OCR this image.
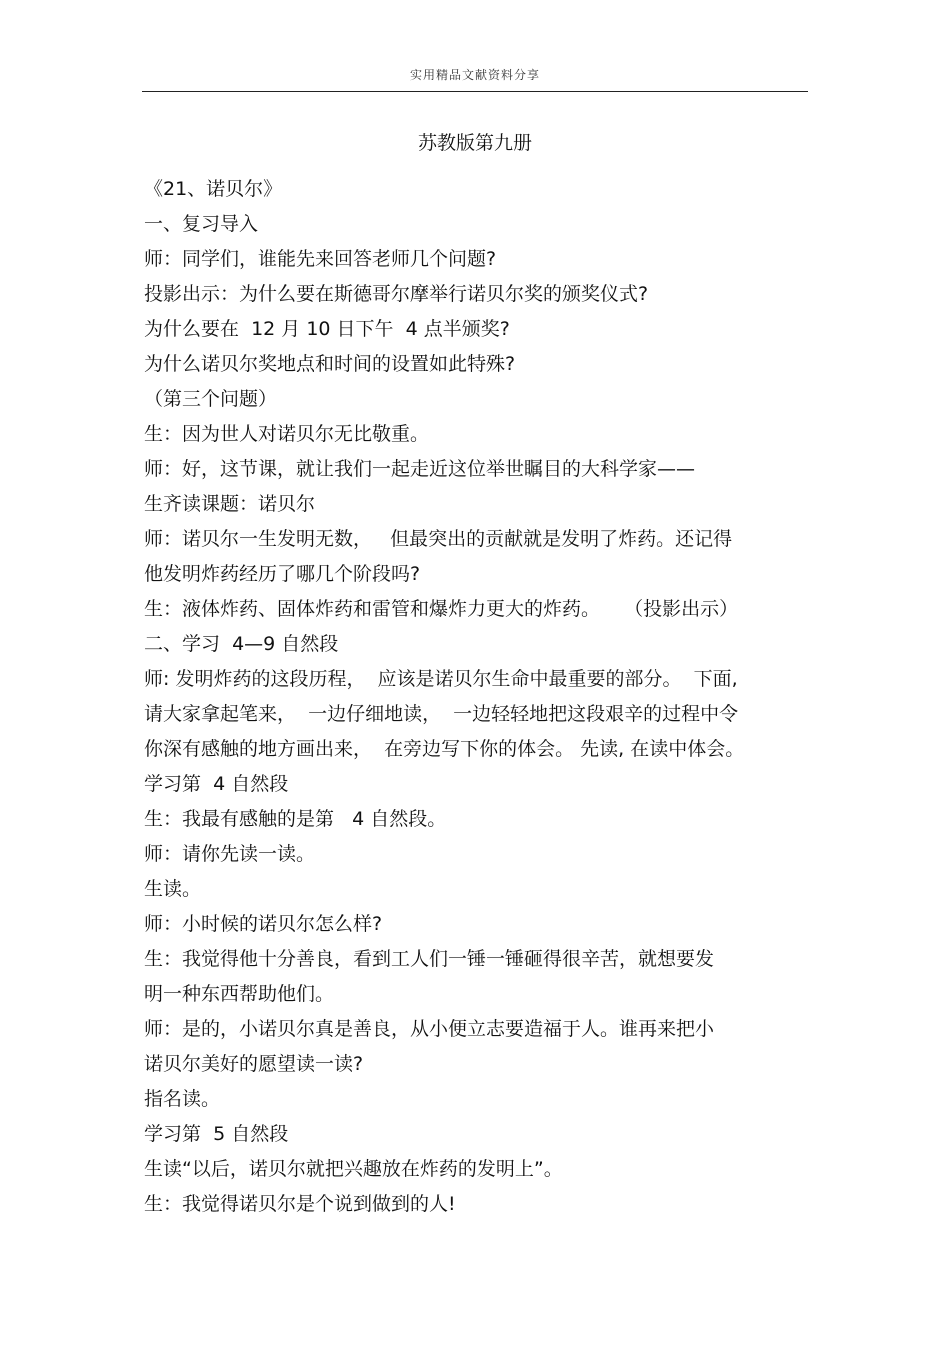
实用精品文献资料分享
苏教版第九册
《21、诺贝尔》
一、复习导入
师：同学们，谁能先来回答老师几个问题?
投影出示：为什么要在斯德哥尔摩举行诺贝尔奖的颁奖仪式?
为什么要在  12 月 10 日下午  4 点半颁奖?
为什么诺贝尔奖地点和时间的设置如此特殊?
（第三个问题）
生：因为世人对诺贝尔无比敬重。
师：好，这节课，就让我们一起走近这位举世瞩目的大科学家——
生齐读课题：诺贝尔
师：诺贝尔一生发明无数，   但最突出的贡献就是发明了炸药。还记得
他发明炸药经历了哪几个阶段吗?
生：液体炸药、固体炸药和雷管和爆炸力更大的炸药。    （投影出示）
二、学习  4—9 自然段
师: 发明炸药的这段历程，  应该是诺贝尔生命中最重要的部分。  下面,
请大家拿起笔来，  一边仔细地读，  一边轻轻地把这段艰辛的过程中令
你深有感触的地方画出来，  在旁边写下你的体会。 先读, 在读中体会。
学习第  4 自然段
生：我最有感触的是第   4 自然段。
师：请你先读一读。
生读。
师：小时候的诺贝尔怎么样?
生：我觉得他十分善良，看到工人们一锤一锤砸得很辛苦，就想要发
明一种东西帮助他们。
师：是的，小诺贝尔真是善良，从小便立志要造福于人。谁再来把小
诺贝尔美好的愿望读一读?
指名读。
学习第  5 自然段
生读“以后，诺贝尔就把兴趣放在炸药的发明上”。
生：我觉得诺贝尔是个说到做到的人!
